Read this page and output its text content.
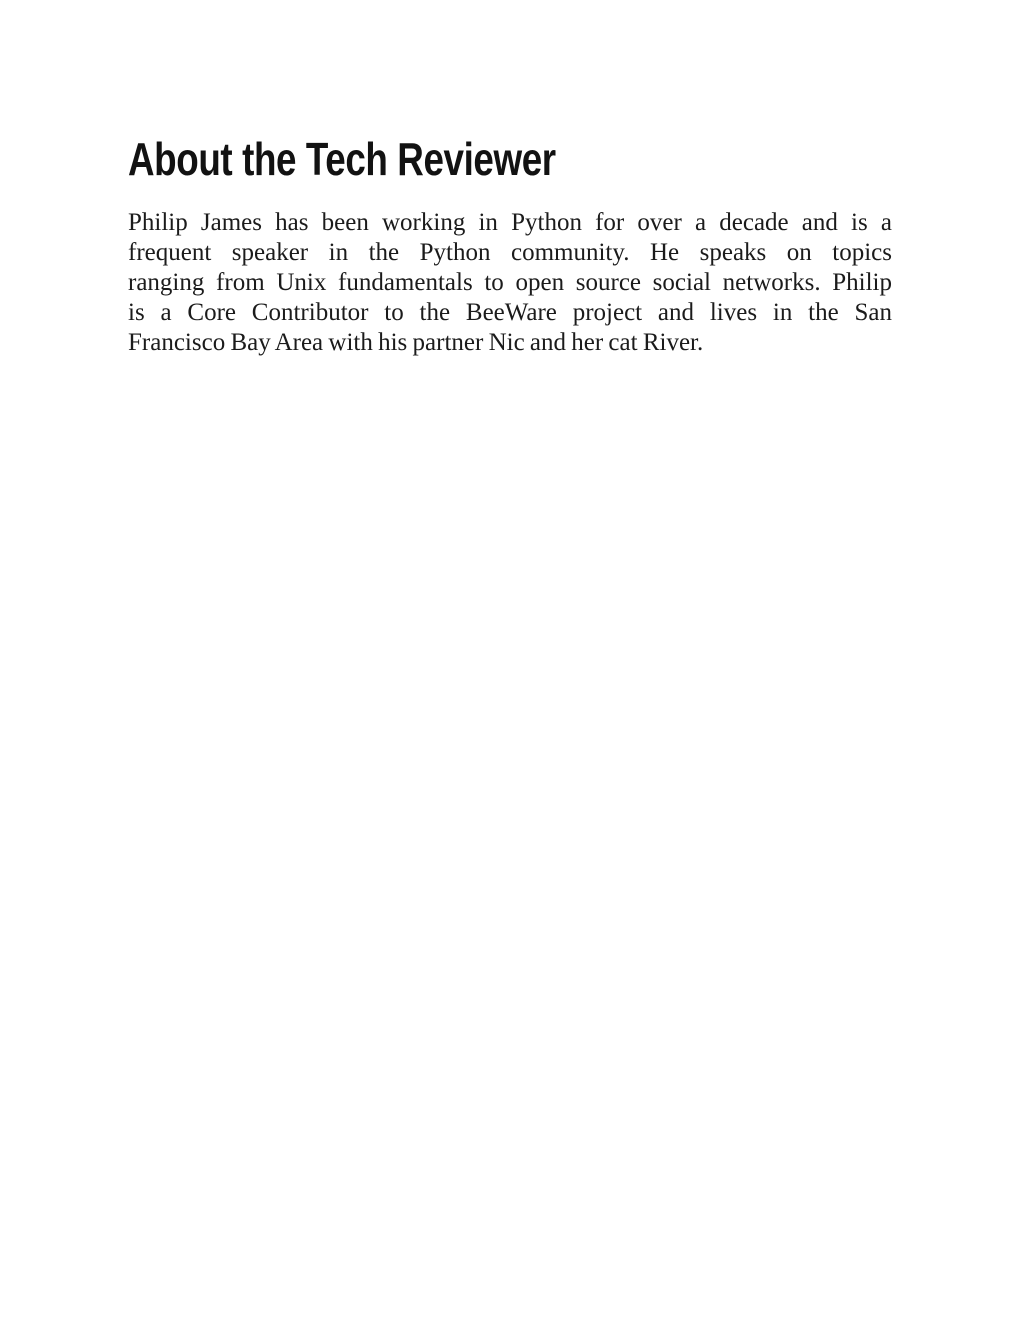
About the Tech Reviewer
Philip James has been working in Python for over a decade and is a
frequent speaker in the Python community. He speaks on topics
ranging from Unix fundamentals to open source social networks. Philip
is a Core Contributor to the BeeWare project and lives in the San
Francisco Bay Area with his partner Nic and her cat River.
